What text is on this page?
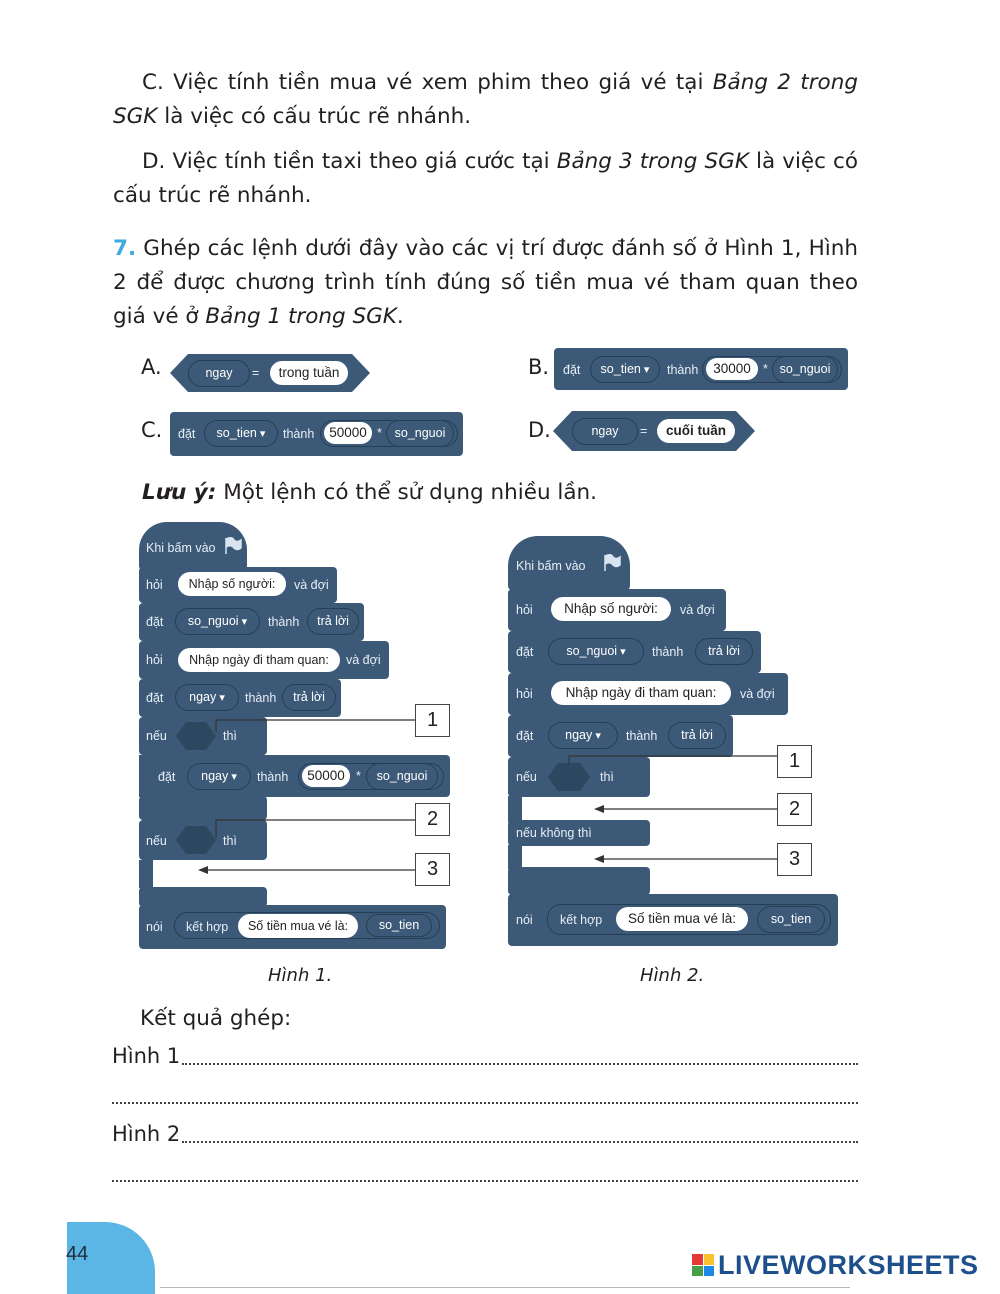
C. Việc tính tiền mua vé xem phim theo giá vé tại Bảng 2 trong SGK là việc có cấu trúc rẽ nhánh.
D. Việc tính tiền taxi theo giá cước tại Bảng 3 trong SGK là việc có cấu trúc rẽ nhánh.
7. Ghép các lệnh dưới đây vào các vị trí được đánh số ở Hình 1, Hình 2 để được chương trình tính đúng số tiền mua vé tham quan theo giá vé ở Bảng 1 trong SGK.
A.	ngay	=	trong tuần	B. đặt	so_tien ▾	thành	30000 * so_nguoi
C. đặt	so_tien ▾	thành	50000 *	so_nguoi	D.	ngay	=	cuối tuần
Lưu ý: Một lệnh có thể sử dụng nhiều lần.
Khi bấm vào
hỏi	Nhập số người:	và đợi
đặt	so_nguoi ▾	thành	trả lời
hỏi	Nhập ngày đi tham quan:	và đợi
đặt	ngay ▾	thành	trả lời
nếu	thì
đặt	ngay ▾	thành	50000 *	so_nguoi
nếu	thì
nói kết hợp	Số tiền mua vé là:	so_tien
1
2
3
Hình 1.
Khi bấm vào
hỏi	Nhập số người:	và đợi
đặt	so_nguoi ▾	thành	trả lời
hỏi	Nhập ngày đi tham quan:	và đợi
đặt	ngay ▾	thành	trả lời
nếu	thì
nếu không thì
nói kết hợp	Số tiền mua vé là:	so_tien
1
2
3
Hình 2.
Kết quả ghép:
Hình 1
Hình 2
44	LIVEWORKSHEETS
